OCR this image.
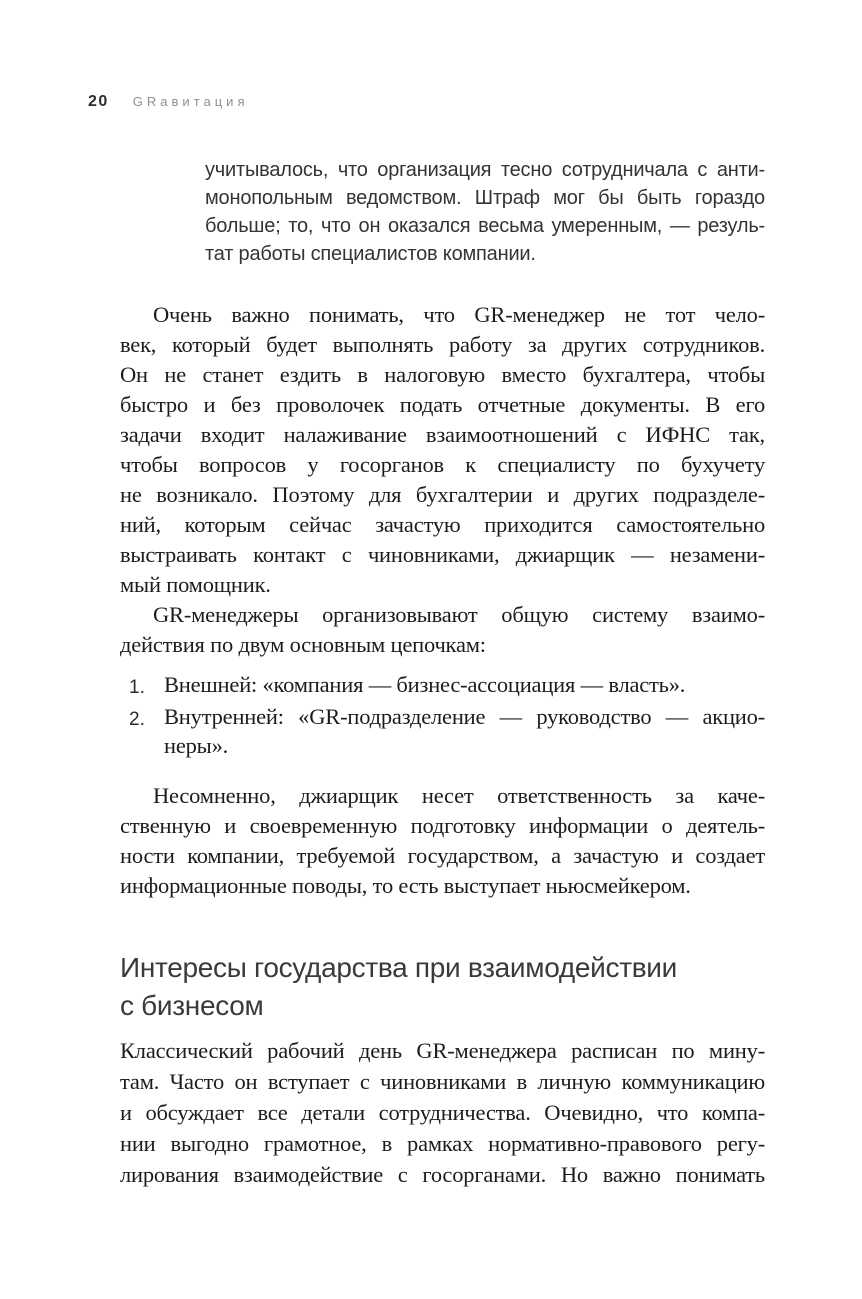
20 GRавитация
учитывалось, что организация тесно сотрудничала с анти-
монопольным ведомством. Штраф мог бы быть гораздо
больше; то, что он оказался весьма умеренным, — резуль-
тат работы специалистов компании.
Очень важно понимать, что GR-менеджер не тот чело-
век, который будет выполнять работу за других сотрудников.
Он не станет ездить в налоговую вместо бухгалтера, чтобы
быстро и без проволочек подать отчетные документы. В его
задачи входит налаживание взаимоотношений с ИФНС так,
чтобы вопросов у госорганов к специалисту по бухучету
не возникало. Поэтому для бухгалтерии и других подразделе-
ний, которым сейчас зачастую приходится самостоятельно
выстраивать контакт с чиновниками, джиарщик — незамени-
мый помощник.
GR-менеджеры организовывают общую систему взаимо-
действия по двум основным цепочкам:
1. Внешней: «компания — бизнес-ассоциация — власть».
2. Внутренней: «GR-подразделение — руководство — акцио-
неры».
Несомненно, джиарщик несет ответственность за каче-
ственную и своевременную подготовку информации о деятель-
ности компании, требуемой государством, а зачастую и создает
информационные поводы, то есть выступает ньюсмейкером.
Интересы государства при взаимодействии
с бизнесом
Классический рабочий день GR-менеджера расписан по мину-
там. Часто он вступает с чиновниками в личную коммуникацию
и обсуждает все детали сотрудничества. Очевидно, что компа-
нии выгодно грамотное, в рамках нормативно-правового регу-
лирования взаимодействие с госорганами. Но важно понимать
